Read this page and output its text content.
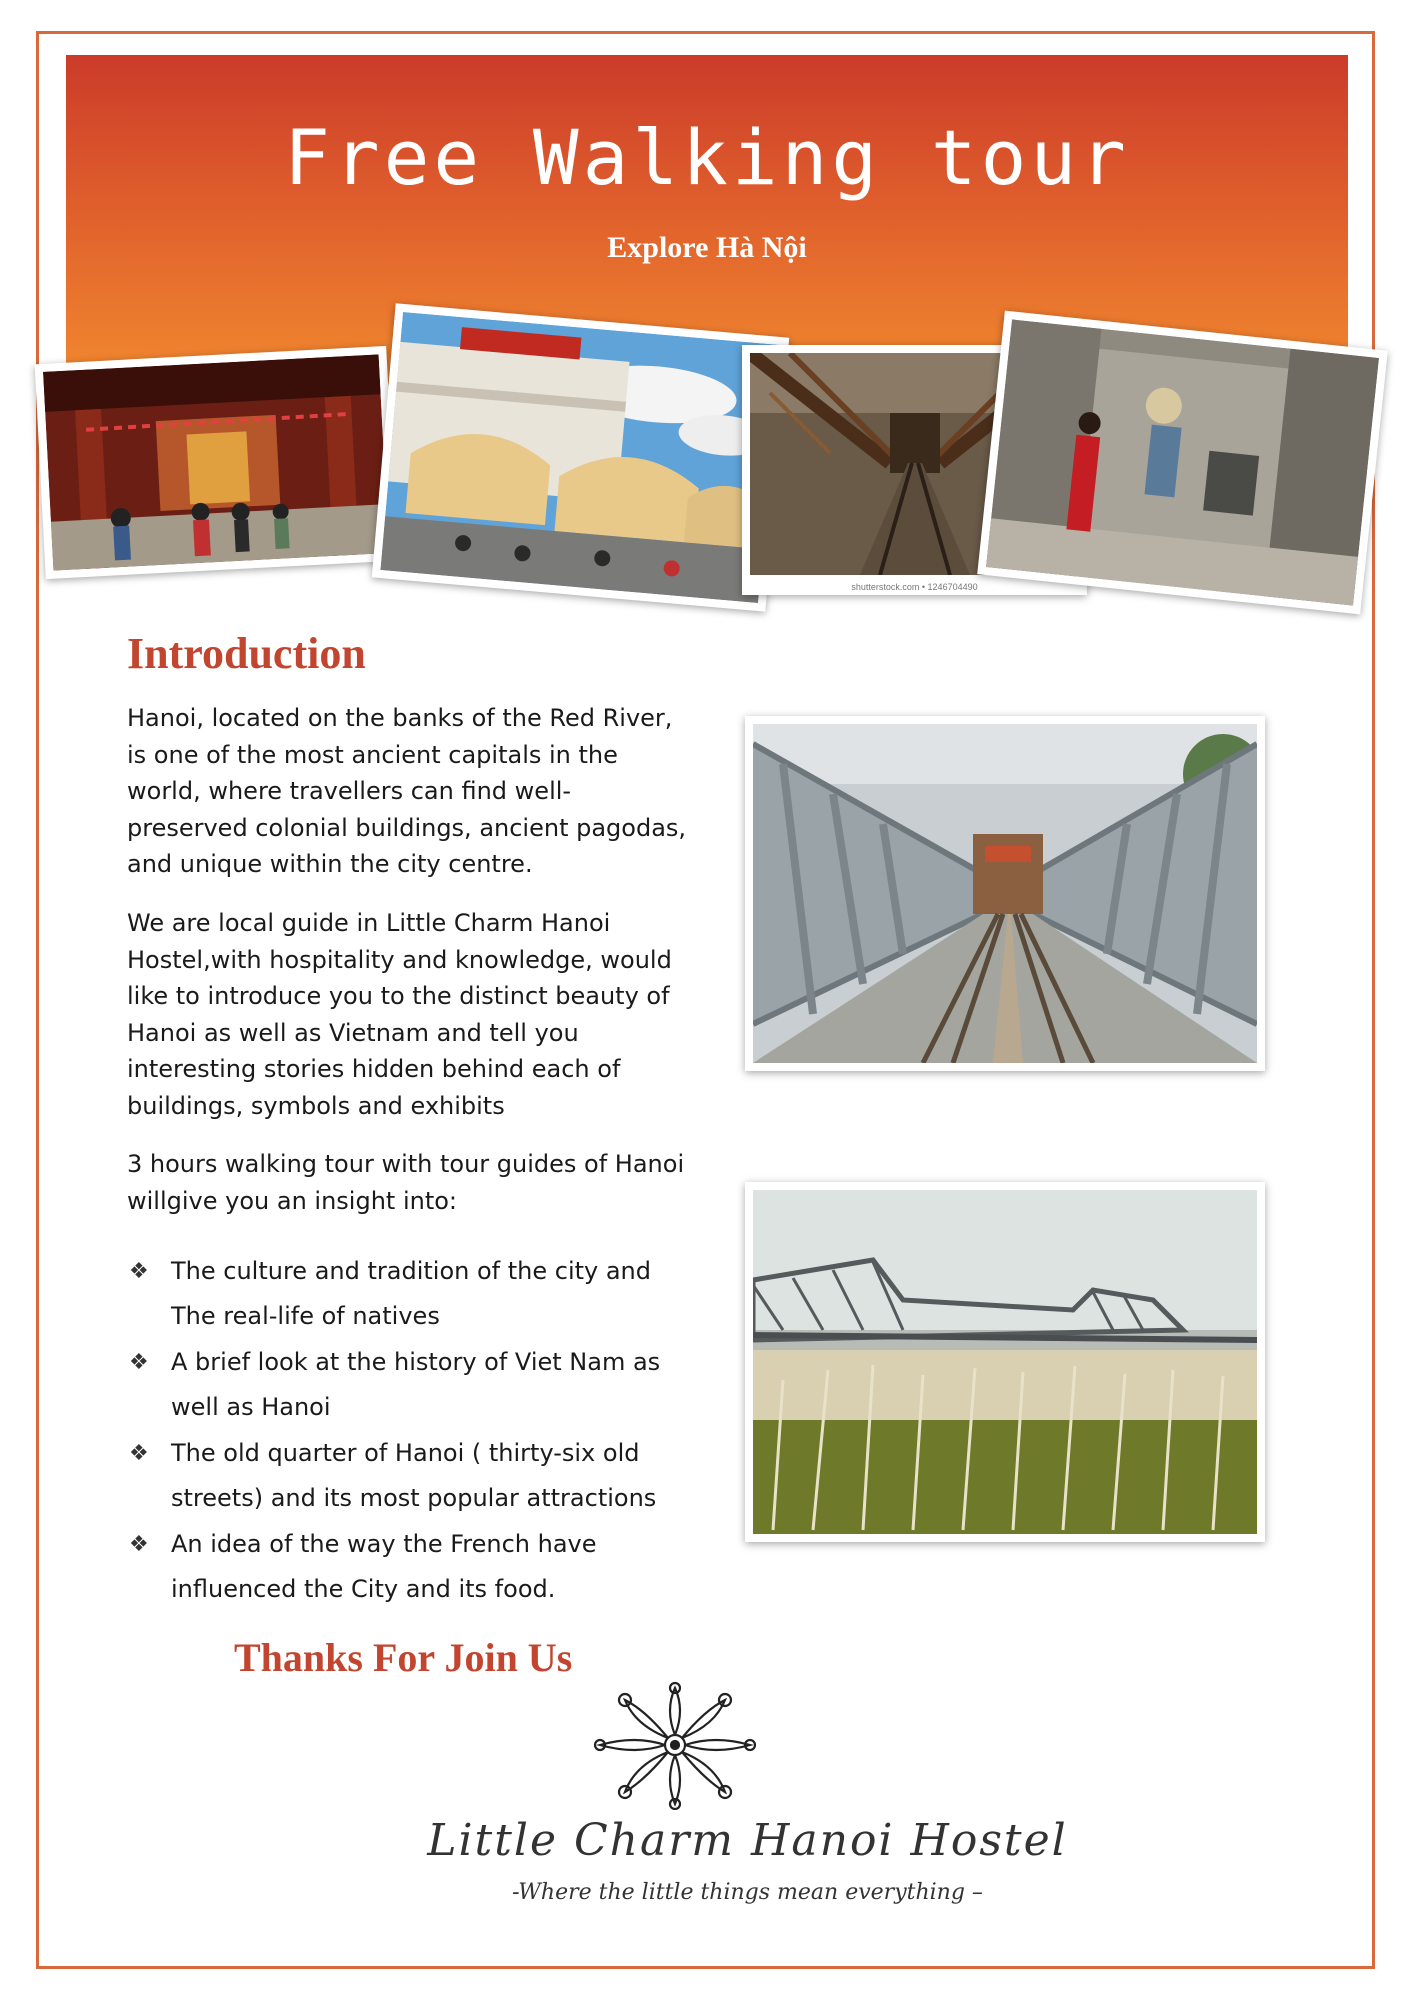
Free Walking tour
Explore Hà Nội
shutterstock.com • 1246704490
Introduction

Hanoi, located on the banks of the Red River, is one of the most ancient capitals in the world, where travellers can find well-preserved colonial buildings, ancient pagodas, and unique within the city centre.

We are local guide in Little Charm Hanoi Hostel,with hospitality and knowledge, would like to introduce you to the distinct beauty of Hanoi as well as Vietnam and tell you interesting stories hidden behind each of buildings, symbols and exhibits

3 hours walking tour with tour guides of Hanoi willgive you an insight into:

❖ The culture and tradition of the city and The real-life of natives
❖ A brief look at the history of Viet Nam as well as Hanoi
❖ The old quarter of Hanoi ( thirty-six old streets) and its most popular attractions
❖ An idea of the way the French have influenced the City and its food.
Thanks For Join Us
Little Charm Hanoi Hostel
-Where the little things mean everything –
